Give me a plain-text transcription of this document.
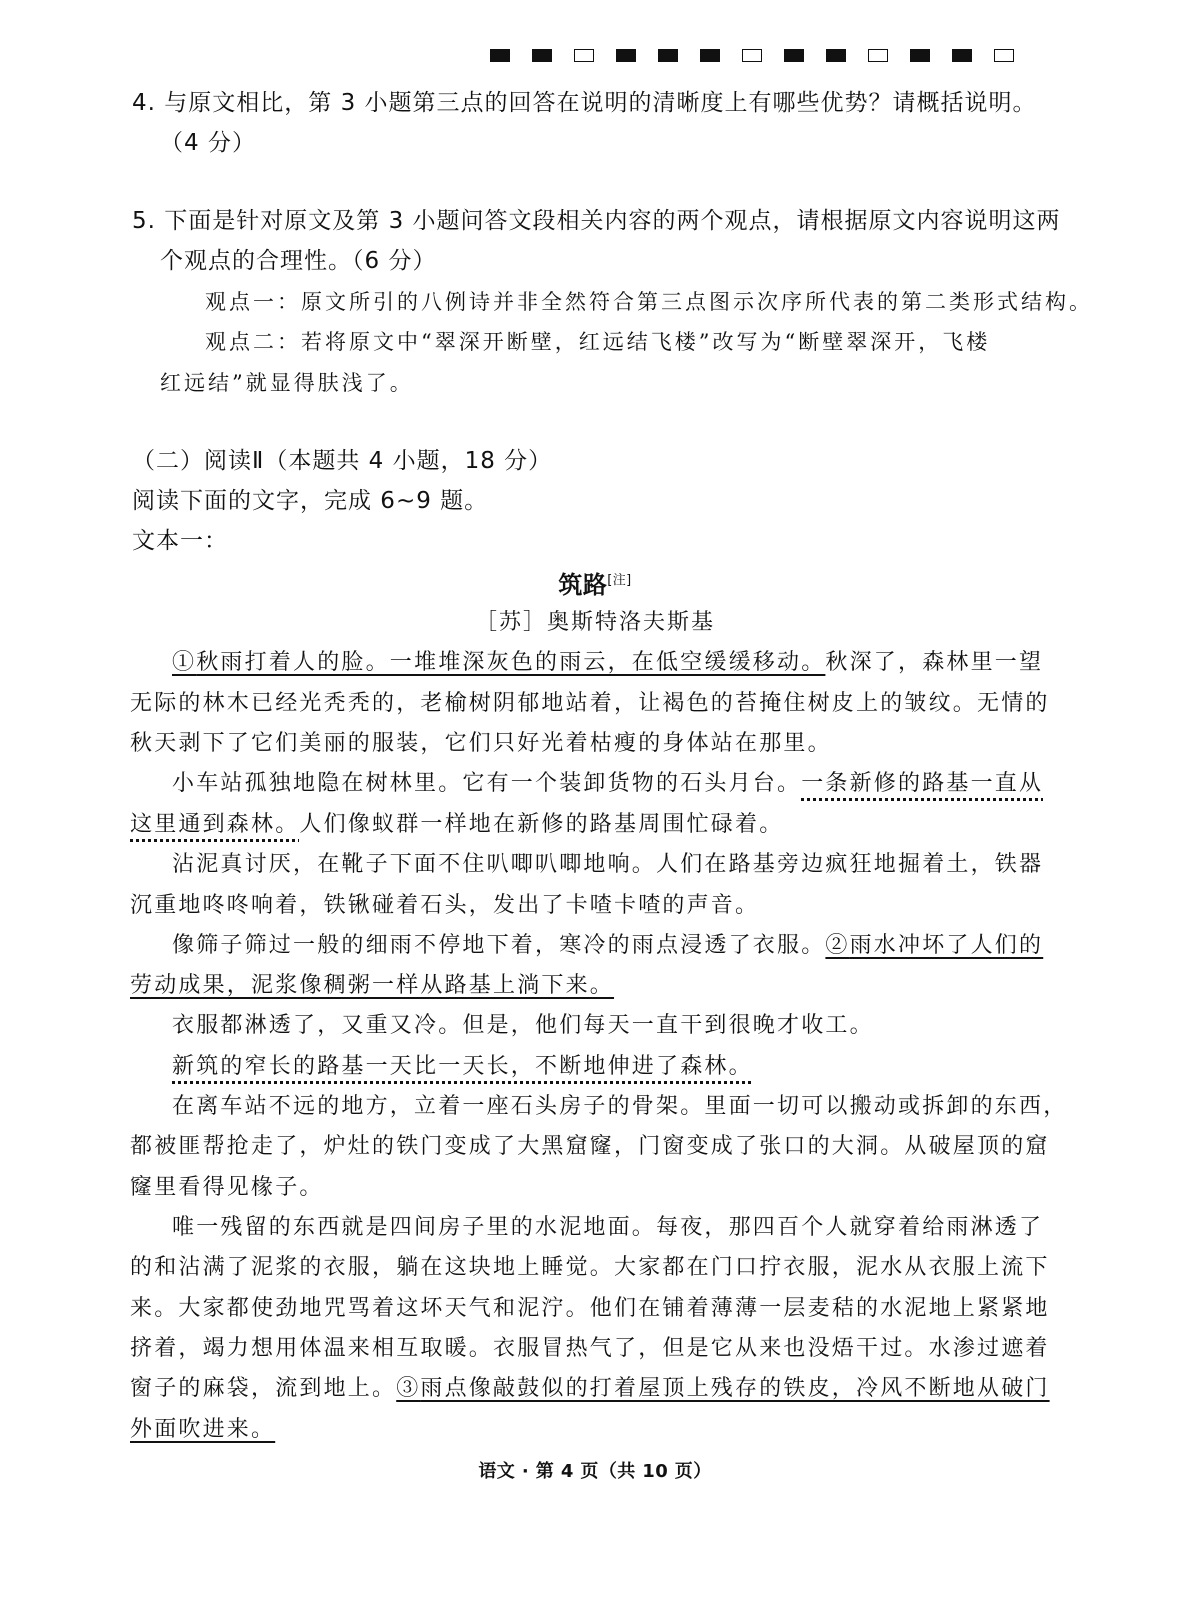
4. 与原文相比，第 3 小题第三点的回答在说明的清晰度上有哪些优势？请概括说明。
（4 分）
5. 下面是针对原文及第 3 小题问答文段相关内容的两个观点，请根据原文内容说明这两
个观点的合理性。（6 分）
观点一：原文所引的八例诗并非全然符合第三点图示次序所代表的第二类形式结构。
观点二：若将原文中“翠深开断壁，红远结飞楼”改写为“断壁翠深开，飞楼
红远结”就显得肤浅了。
（二）阅读Ⅱ（本题共 4 小题，18 分）
阅读下面的文字，完成 6~9 题。
文本一：
筑路[注]
［苏］奥斯特洛夫斯基
①秋雨打着人的脸。一堆堆深灰色的雨云，在低空缓缓移动。秋深了，森林里一望
无际的林木已经光秃秃的，老榆树阴郁地站着，让褐色的苔掩住树皮上的皱纹。无情的
秋天剥下了它们美丽的服装，它们只好光着枯瘦的身体站在那里。
小车站孤独地隐在树林里。它有一个装卸货物的石头月台。一条新修的路基一直从
这里通到森林。人们像蚁群一样地在新修的路基周围忙碌着。
沾泥真讨厌，在靴子下面不住叭唧叭唧地响。人们在路基旁边疯狂地掘着土，铁器
沉重地咚咚响着，铁锹碰着石头，发出了卡喳卡喳的声音。
像筛子筛过一般的细雨不停地下着，寒冷的雨点浸透了衣服。②雨水冲坏了人们的
劳动成果，泥浆像稠粥一样从路基上淌下来。
衣服都淋透了，又重又冷。但是，他们每天一直干到很晚才收工。
新筑的窄长的路基一天比一天长，不断地伸进了森林。
在离车站不远的地方，立着一座石头房子的骨架。里面一切可以搬动或拆卸的东西，
都被匪帮抢走了，炉灶的铁门变成了大黑窟窿，门窗变成了张口的大洞。从破屋顶的窟
窿里看得见椽子。
唯一残留的东西就是四间房子里的水泥地面。每夜，那四百个人就穿着给雨淋透了
的和沾满了泥浆的衣服，躺在这块地上睡觉。大家都在门口拧衣服，泥水从衣服上流下
来。大家都使劲地咒骂着这坏天气和泥泞。他们在铺着薄薄一层麦秸的水泥地上紧紧地
挤着，竭力想用体温来相互取暖。衣服冒热气了，但是它从来也没焐干过。水渗过遮着
窗子的麻袋，流到地上。③雨点像敲鼓似的打着屋顶上残存的铁皮，冷风不断地从破门
外面吹进来。
语文 · 第 4 页（共 10 页）
